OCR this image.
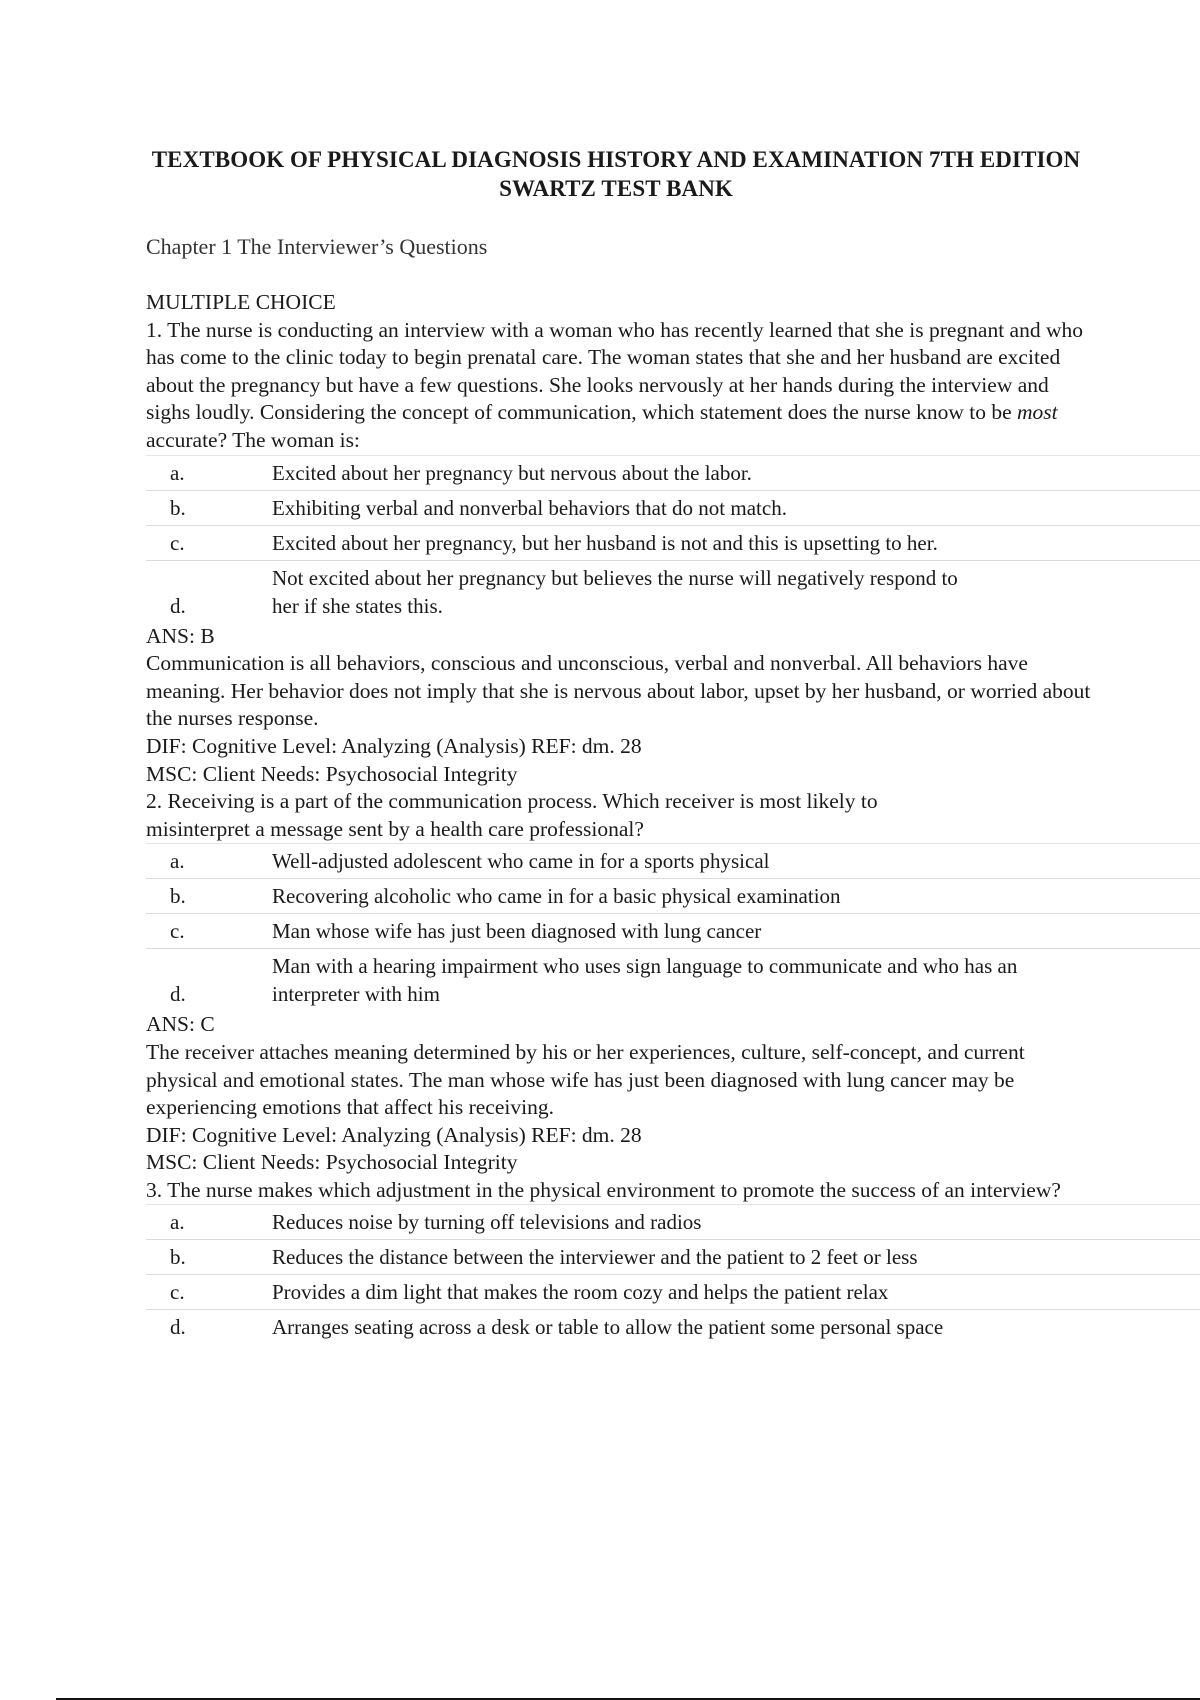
TEXTBOOK OF PHYSICAL DIAGNOSIS HISTORY AND EXAMINATION 7TH EDITION SWARTZ TEST BANK
Chapter 1 The Interviewer’s Questions

MULTIPLE CHOICE

1. The nurse is conducting an interview with a woman who has recently learned that she is pregnant and who has come to the clinic today to begin prenatal care. The woman states that she and her husband are excited about the pregnancy but have a few questions. She looks nervously at her hands during the interview and sighs loudly. Considering the concept of communication, which statement does the nurse know to be most accurate? The woman is:

a.	Excited about her pregnancy but nervous about the labor.
b.	Exhibiting verbal and nonverbal behaviors that do not match.
c.	Excited about her pregnancy, but her husband is not and this is upsetting to her.
d.	Not excited about her pregnancy but believes the nurse will negatively respond to her if she states this.

ANS: B

Communication is all behaviors, conscious and unconscious, verbal and nonverbal. All behaviors have meaning. Her behavior does not imply that she is nervous about labor, upset by her husband, or worried about the nurses response.

DIF: Cognitive Level: Analyzing (Analysis) REF: dm. 28

MSC: Client Needs: Psychosocial Integrity

2. Receiving is a part of the communication process. Which receiver is most likely to misinterpret a message sent by a health care professional?

a.	Well-adjusted adolescent who came in for a sports physical
b.	Recovering alcoholic who came in for a basic physical examination
c.	Man whose wife has just been diagnosed with lung cancer
d.	Man with a hearing impairment who uses sign language to communicate and who has an interpreter with him

ANS: C

The receiver attaches meaning determined by his or her experiences, culture, self-concept, and current physical and emotional states. The man whose wife has just been diagnosed with lung cancer may be experiencing emotions that affect his receiving.

DIF: Cognitive Level: Analyzing (Analysis) REF: dm. 28

MSC: Client Needs: Psychosocial Integrity

3. The nurse makes which adjustment in the physical environment to promote the success of an interview?

a.	Reduces noise by turning off televisions and radios
b.	Reduces the distance between the interviewer and the patient to 2 feet or less
c.	Provides a dim light that makes the room cozy and helps the patient relax
d.	Arranges seating across a desk or table to allow the patient some personal space
